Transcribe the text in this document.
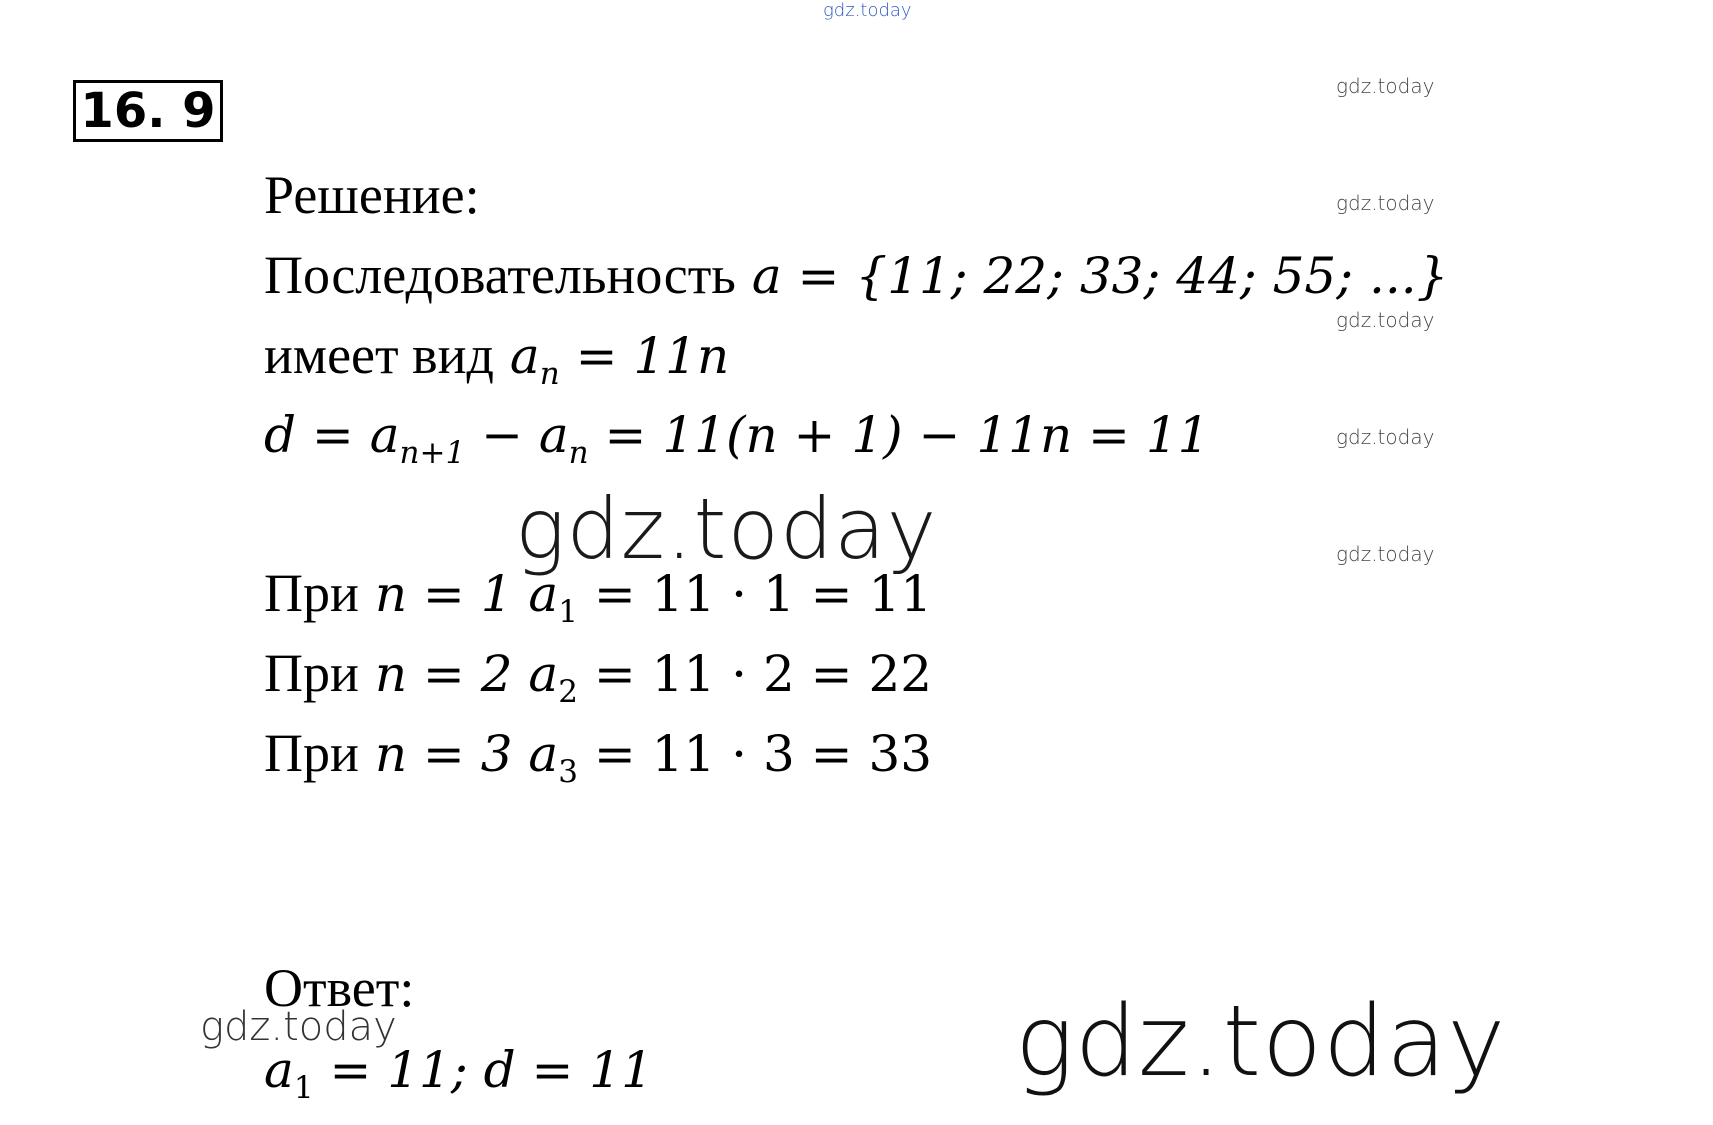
gdz.today
gdz.today
gdz.today
gdz.today
gdz.today
gdz.today
gdz.today
16. 9
Решение:
Последовательность a = {11; 22; 33; 44; 55; ...}
имеет вид $a_n = 11n$
$d = a_{n+1} - a_n = 11(n + 1) - 11n = 11$
При n = 1 $a_1 = 11 \cdot 1 = 11$
При n = 2 $a_2 = 11 \cdot 2 = 22$
При n = 3 $a_3 = 11 \cdot 3 = 33$
Ответ:
gdz.today
$a_1 = 11$; d = 11	gdz.today
